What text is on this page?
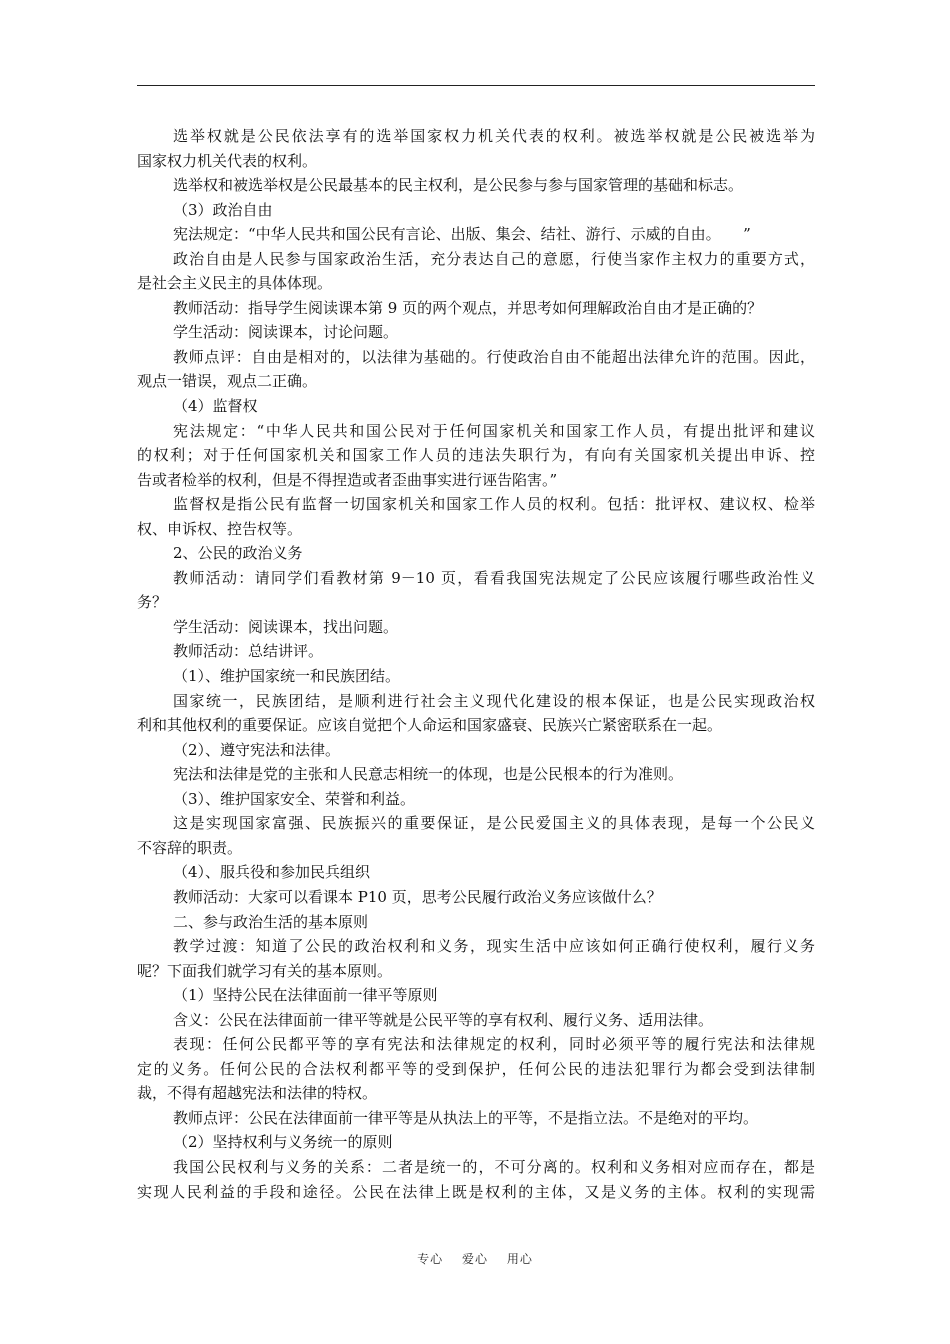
选举权就是公民依法享有的选举国家权力机关代表的权利。被选举权就是公民被选举为
国家权力机关代表的权利。
选举权和被选举权是公民最基本的民主权利，是公民参与参与国家管理的基础和标志。
（3）政治自由
宪法规定：“中华人民共和国公民有言论、出版、集会、结社、游行、示威的自由。　　”
政治自由是人民参与国家政治生活，充分表达自己的意愿，行使当家作主权力的重要方式，
是社会主义民主的具体体现。
教师活动：指导学生阅读课本第 9 页的两个观点，并思考如何理解政治自由才是正确的？
学生活动：阅读课本，讨论问题。
教师点评：自由是相对的，以法律为基础的。行使政治自由不能超出法律允许的范围。因此，
观点一错误，观点二正确。
（4）监督权
宪法规定：“中华人民共和国公民对于任何国家机关和国家工作人员，有提出批评和建议
的权利；对于任何国家机关和国家工作人员的违法失职行为，有向有关国家机关提出申诉、控
告或者检举的权利，但是不得捏造或者歪曲事实进行诬告陷害。”
监督权是指公民有监督一切国家机关和国家工作人员的权利。包括：批评权、建议权、检举
权、申诉权、控告权等。
2、公民的政治义务
教师活动：请同学们看教材第 9－10 页，看看我国宪法规定了公民应该履行哪些政治性义
务？
学生活动：阅读课本，找出问题。
教师活动：总结讲评。
（1）、维护国家统一和民族团结。
国家统一，民族团结，是顺利进行社会主义现代化建设的根本保证，也是公民实现政治权
利和其他权利的重要保证。应该自觉把个人命运和国家盛衰、民族兴亡紧密联系在一起。
（2）、遵守宪法和法律。
宪法和法律是党的主张和人民意志相统一的体现，也是公民根本的行为准则。
（3）、维护国家安全、荣誉和利益。
这是实现国家富强、民族振兴的重要保证，是公民爱国主义的具体表现，是每一个公民义
不容辞的职责。
（4）、服兵役和参加民兵组织
教师活动：大家可以看课本 P10 页，思考公民履行政治义务应该做什么？
二、参与政治生活的基本原则
教学过渡：知道了公民的政治权利和义务，现实生活中应该如何正确行使权利，履行义务
呢？下面我们就学习有关的基本原则。
（1）坚持公民在法律面前一律平等原则
含义：公民在法律面前一律平等就是公民平等的享有权利、履行义务、适用法律。
表现：任何公民都平等的享有宪法和法律规定的权利，同时必须平等的履行宪法和法律规
定的义务。任何公民的合法权利都平等的受到保护，任何公民的违法犯罪行为都会受到法律制
裁，不得有超越宪法和法律的特权。
教师点评：公民在法律面前一律平等是从执法上的平等，不是指立法。不是绝对的平均。
（2）坚持权利与义务统一的原则
我国公民权利与义务的关系：二者是统一的，不可分离的。权利和义务相对应而存在，都是
实现人民利益的手段和途径。公民在法律上既是权利的主体，又是义务的主体。权利的实现需
专心 爱心 用心
